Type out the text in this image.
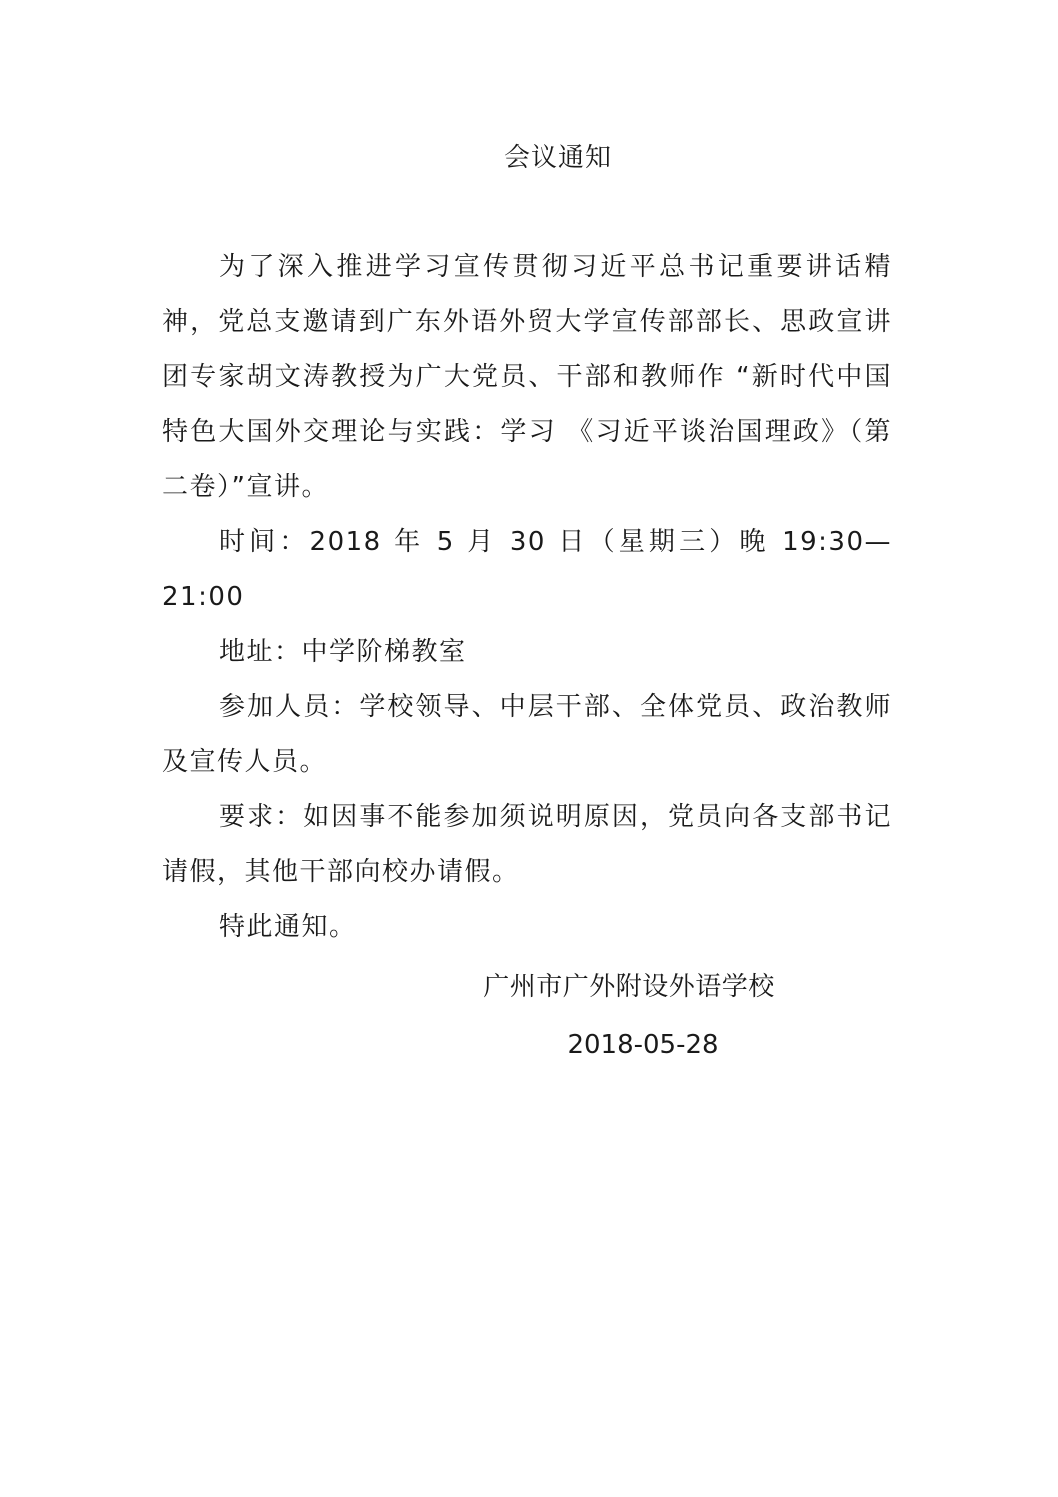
会议通知

为了深入推进学习宣传贯彻习近平总书记重要讲话精神，党总支邀请到广东外语外贸大学宣传部部长、思政宣讲团专家胡文涛教授为广大党员、干部和教师作 “新时代中国特色大国外交理论与实践：学习 《习近平谈治国理政》（第二卷）”宣讲。

时间：2018 年 5 月 30 日（星期三）晚 19:30—21:00

地址：中学阶梯教室

参加人员：学校领导、中层干部、全体党员、政治教师及宣传人员。

要求：如因事不能参加须说明原因，党员向各支部书记请假，其他干部向校办请假。

特此通知。

广州市广外附设外语学校
2018-05-28
